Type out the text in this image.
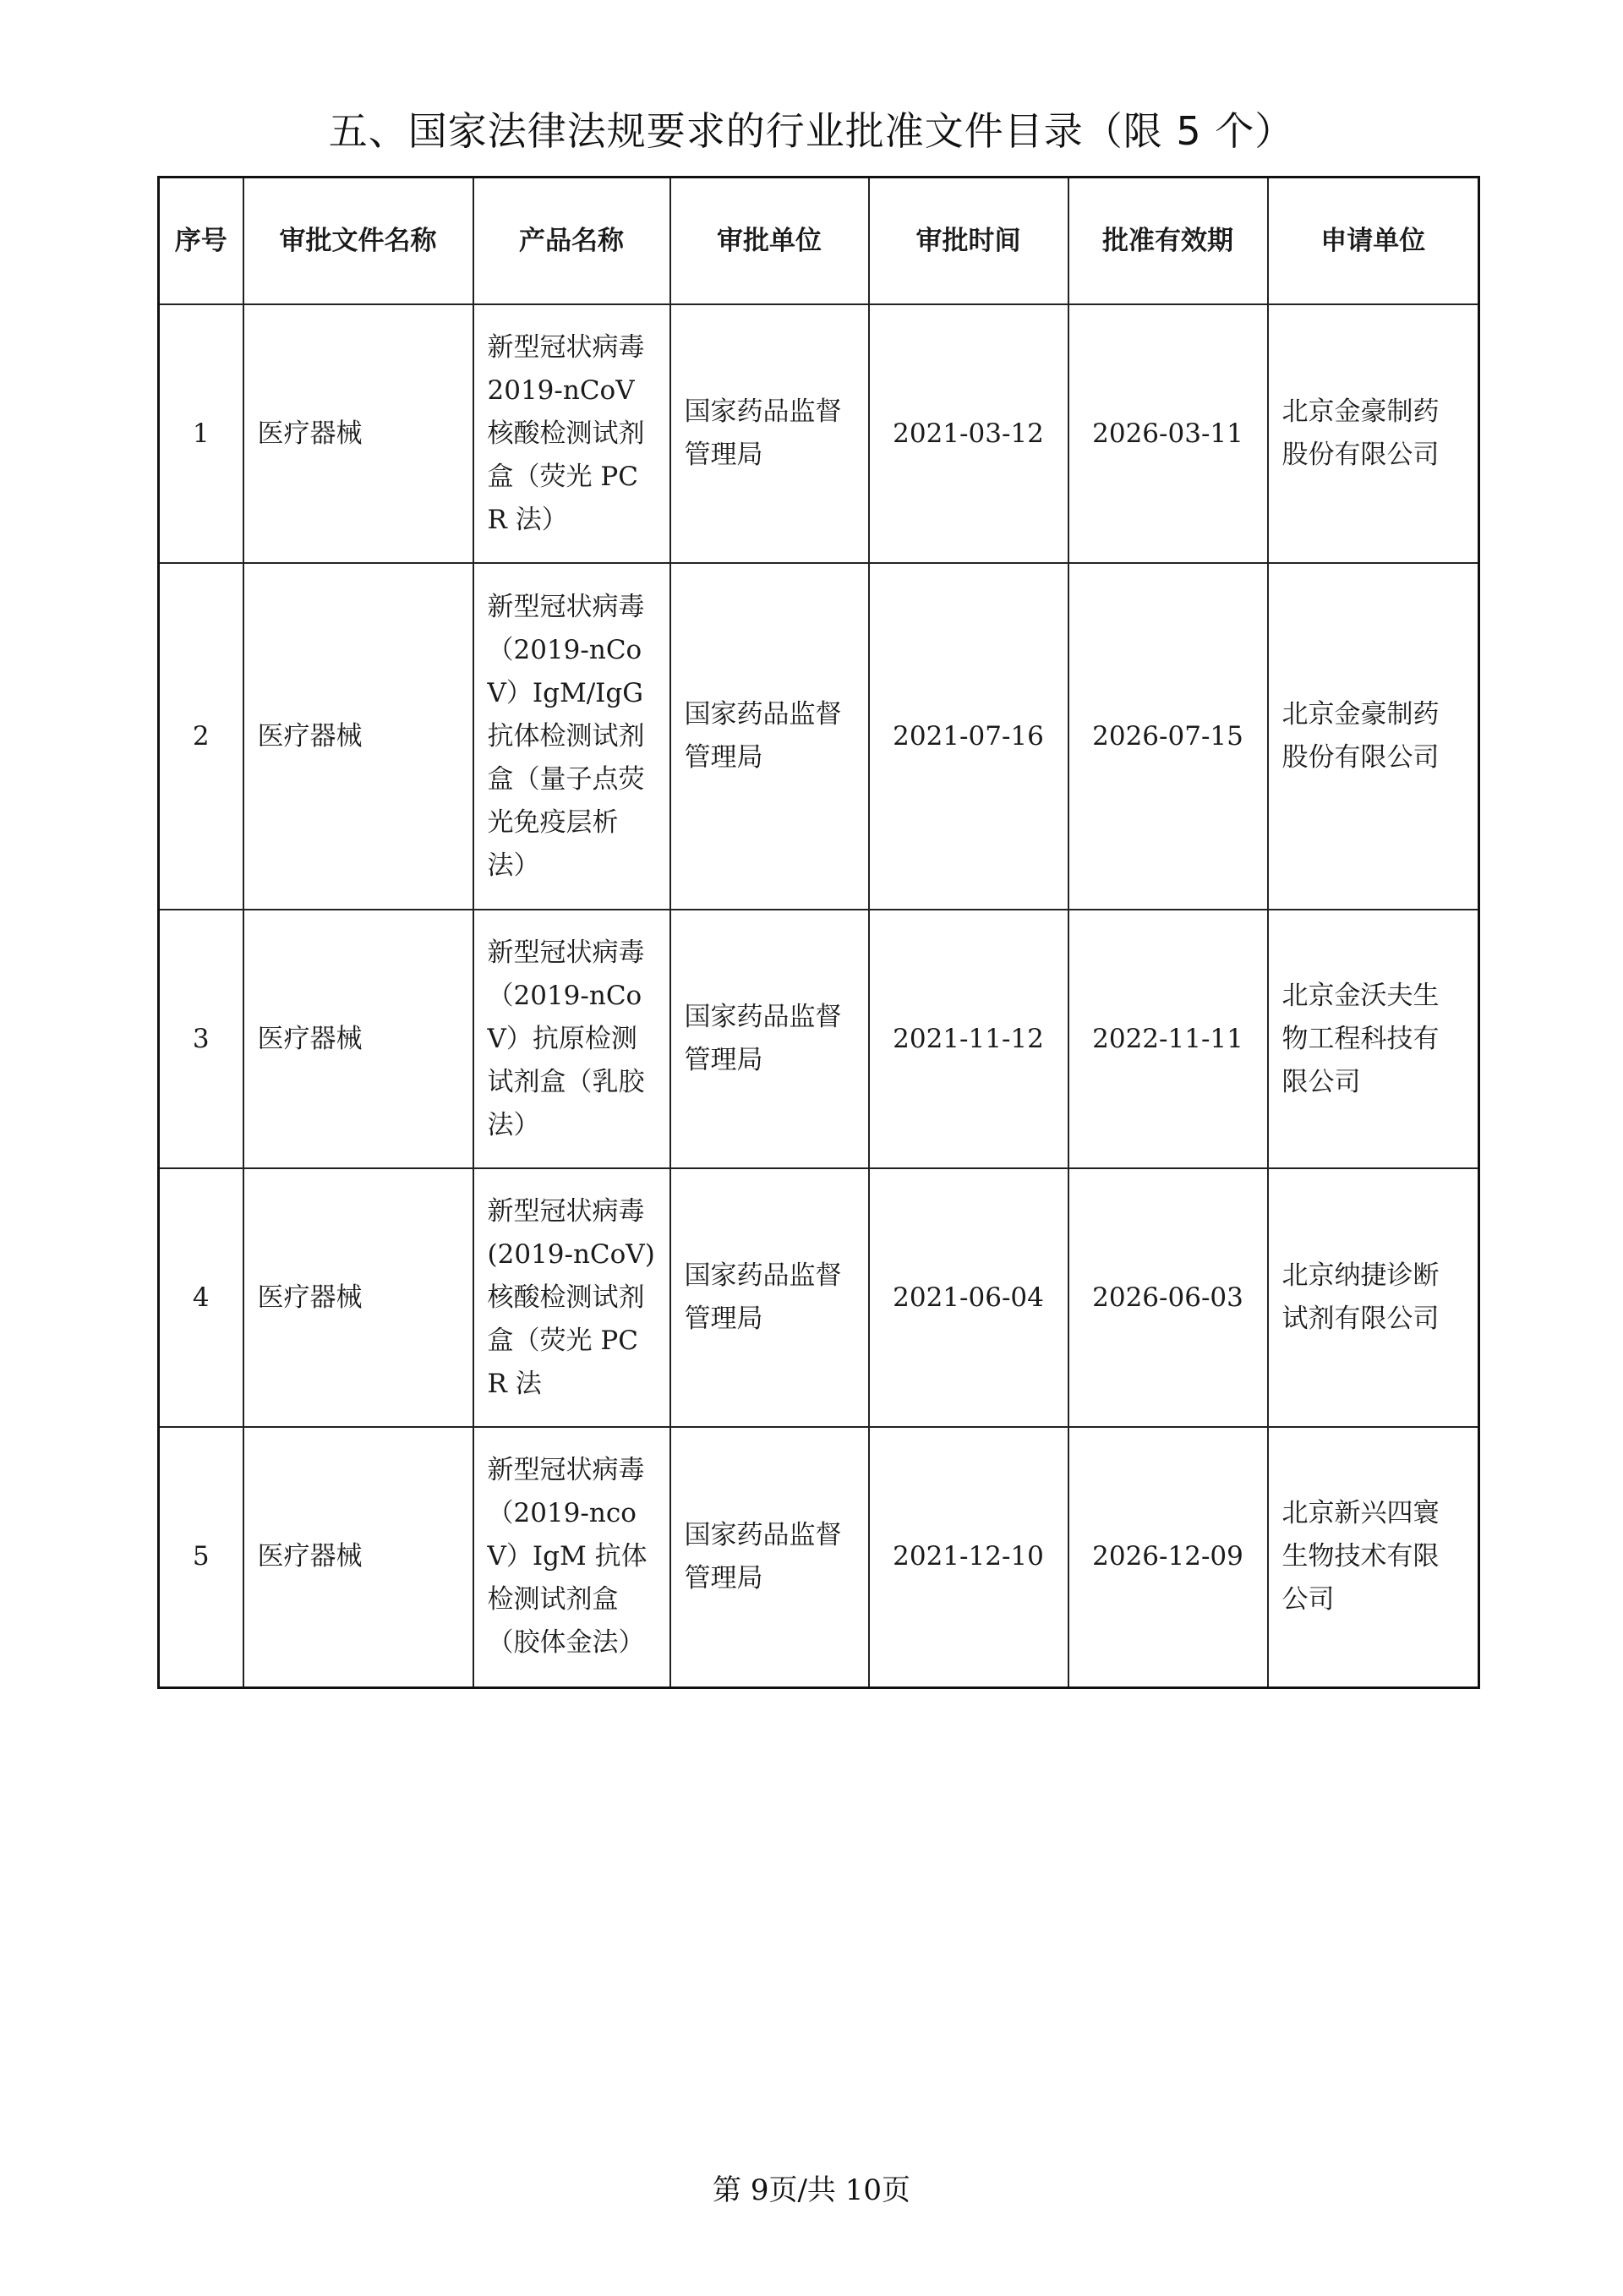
五、国家法律法规要求的行业批准文件目录（限 5 个）
序号	审批文件名称	产品名称	审批单位	审批时间	批准有效期	申请单位
1	医疗器械	新型冠状病毒 2019-nCoV 核酸检测试剂盒（荧光 PCR 法）	国家药品监督管理局	2021-03-12	2026-03-11	北京金豪制药股份有限公司
2	医疗器械	新型冠状病毒（2019-nCoV）IgM/IgG 抗体检测试剂盒（量子点荧光免疫层析法）	国家药品监督管理局	2021-07-16	2026-07-15	北京金豪制药股份有限公司
3	医疗器械	新型冠状病毒（2019-nCoV）抗原检测试剂盒（乳胶法）	国家药品监督管理局	2021-11-12	2022-11-11	北京金沃夫生物工程科技有限公司
4	医疗器械	新型冠状病毒(2019-nCoV)核酸检测试剂盒（荧光 PCR 法	国家药品监督管理局	2021-06-04	2026-06-03	北京纳捷诊断试剂有限公司
5	医疗器械	新型冠状病毒（2019-ncoV）IgM 抗体检测试剂盒（胶体金法）	国家药品监督管理局	2021-12-10	2026-12-09	北京新兴四寰生物技术有限公司
第 9页/共 10页
